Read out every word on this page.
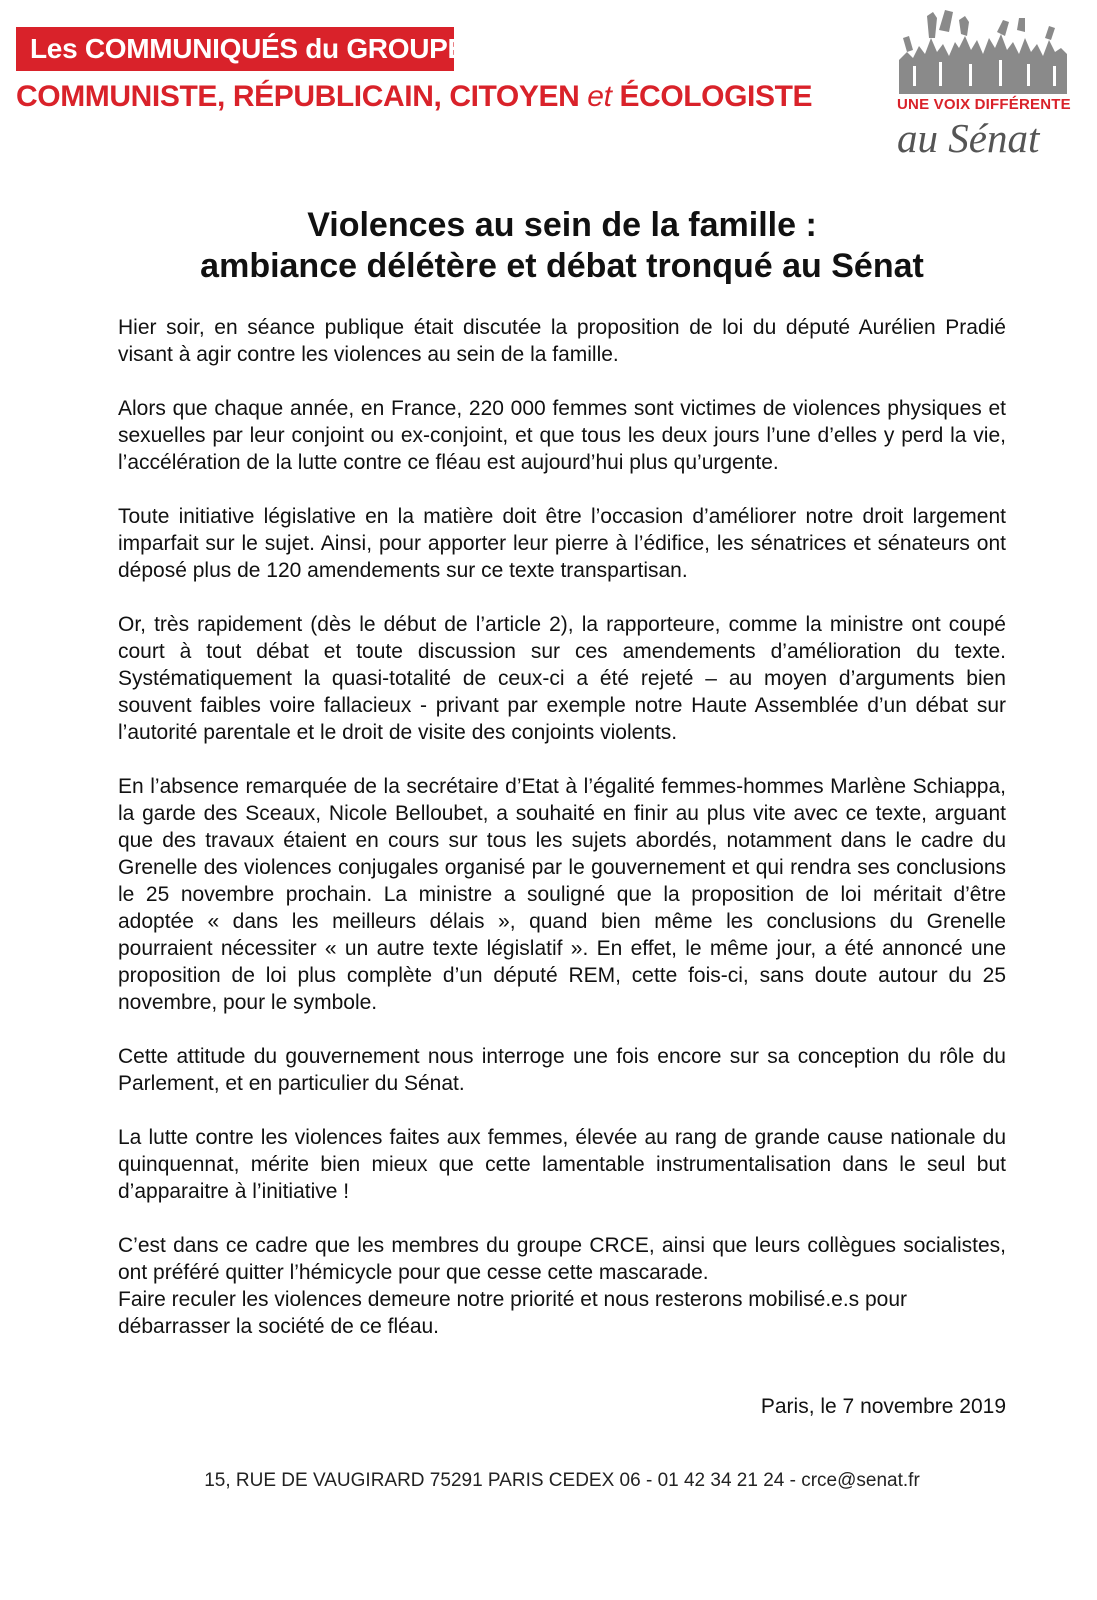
Les COMMUNIQUÉS du GROUPE
COMMUNISTE, RÉPUBLICAIN, CITOYEN et ÉCOLOGISTE	UNE VOIX DIFFÉRENTE
au Sénat
Violences au sein de la famille :
ambiance délétère et débat tronqué au Sénat

Hier soir, en séance publique était discutée la proposition de loi du député Aurélien Pradié visant à agir contre les violences au sein de la famille.

Alors que chaque année, en France, 220 000 femmes sont victimes de violences physiques et sexuelles par leur conjoint ou ex-conjoint, et que tous les deux jours l’une d’elles y perd la vie, l’accélération de la lutte contre ce fléau est aujourd’hui plus qu’urgente.

Toute initiative législative en la matière doit être l’occasion d’améliorer notre droit largement imparfait sur le sujet. Ainsi, pour apporter leur pierre à l’édifice, les sénatrices et sénateurs ont déposé plus de 120 amendements sur ce texte transpartisan.

Or, très rapidement (dès le début de l’article 2), la rapporteure, comme la ministre ont coupé court à tout débat et toute discussion sur ces amendements d’amélioration du texte. Systématiquement la quasi-totalité de ceux-ci a été rejeté – au moyen d’arguments bien souvent faibles voire fallacieux - privant par exemple notre Haute Assemblée d’un débat sur l’autorité parentale et le droit de visite des conjoints violents.

En l’absence remarquée de la secrétaire d’Etat à l’égalité femmes-hommes Marlène Schiappa, la garde des Sceaux, Nicole Belloubet, a souhaité en finir au plus vite avec ce texte, arguant que des travaux étaient en cours sur tous les sujets abordés, notamment dans le cadre du Grenelle des violences conjugales organisé par le gouvernement et qui rendra ses conclusions le 25 novembre prochain. La ministre a souligné que la proposition de loi méritait d’être adoptée « dans les meilleurs délais », quand bien même les conclusions du Grenelle pourraient nécessiter « un autre texte législatif ». En effet, le même jour, a été annoncé une proposition de loi plus complète d’un député REM, cette fois-ci, sans doute autour du 25 novembre, pour le symbole.

Cette attitude du gouvernement nous interroge une fois encore sur sa conception du rôle du Parlement, et en particulier du Sénat.

La lutte contre les violences faites aux femmes, élevée au rang de grande cause nationale du quinquennat, mérite bien mieux que cette lamentable instrumentalisation dans le seul but d’apparaitre à l’initiative !

C’est dans ce cadre que les membres du groupe CRCE, ainsi que leurs collègues socialistes, ont préféré quitter l’hémicycle pour que cesse cette mascarade.

Faire reculer les violences demeure notre priorité et nous resterons mobilisé.e.s pour débarrasser la société de ce fléau.

Paris, le 7 novembre 2019
15, RUE DE VAUGIRARD 75291 PARIS CEDEX 06 - 01 42 34 21 24 - crce@senat.fr
